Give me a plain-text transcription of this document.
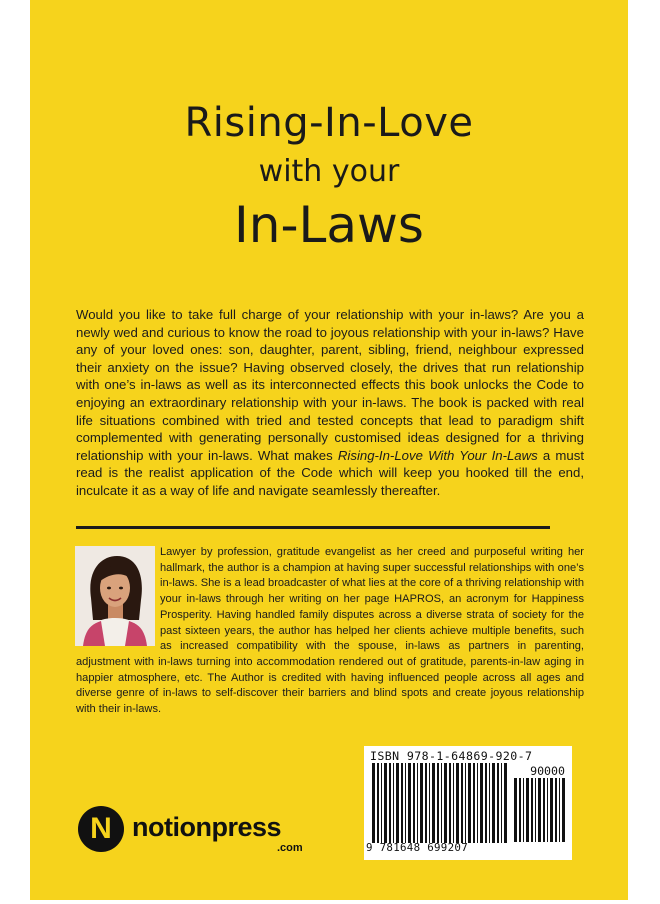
Rising-In-Love
with your
In-Laws

Would you like to take full charge of your relationship with your in-laws? Are you a newly wed and curious to know the road to joyous relationship with your in-laws? Have any of your loved ones: son, daughter, parent, sibling, friend, neighbour expressed their anxiety on the issue? Having observed closely, the drives that run relationship with one’s in-laws as well as its interconnected effects this book unlocks the Code to enjoying an extraordinary relationship with your in-laws. The book is packed with real life situations combined with tried and tested concepts that lead to paradigm shift complemented with generating personally customised ideas designed for a thriving relationship with your in-laws. What makes Rising-In-Love With Your In-Laws a must read is the realist application of the Code which will keep you hooked till the end, inculcate it as a way of life and navigate seamlessly thereafter.

Lawyer by profession, gratitude evangelist as her creed and purposeful writing her hallmark, the author is a champion at having super successful relationships with one’s in-laws. She is a lead broadcaster of what lies at the core of a thriving relationship with your in-laws through her writing on her page HAPROS, an acronym for Happiness Prosperity. Having handled family disputes across a diverse strata of society for the past sixteen years, the author has helped her clients achieve multiple benefits, such as increased compatibility with the spouse, in-laws as partners in parenting, adjustment with in-laws turning into accommodation rendered out of gratitude, parents-in-law aging in happier atmosphere, etc. The Author is credited with having influenced people across all ages and diverse genre of in-laws to self-discover their barriers and blind spots and create joyous relationship with their in-laws.

ISBN 978-1-64869-920-7
90000
9 781648 699207
N notionpress
.com
